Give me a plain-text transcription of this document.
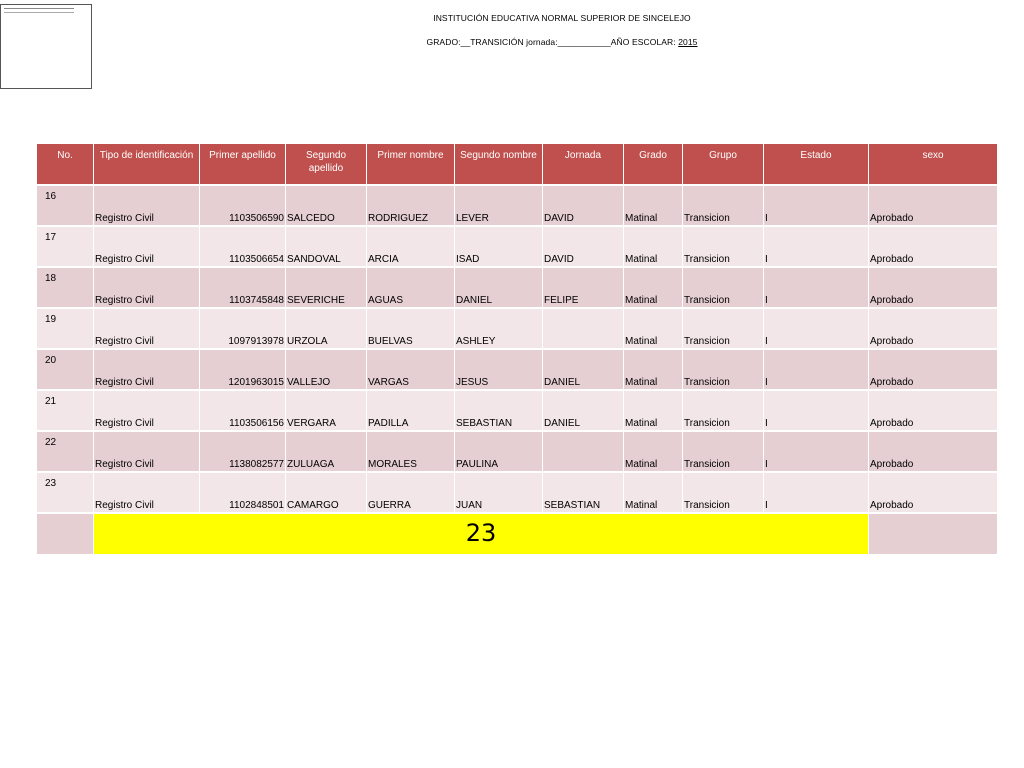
INSTITUCIÓN EDUCATIVA NORMAL SUPERIOR DE SINCELEJO
GRADO:__TRANSICIÓN jornada:___________AÑO ESCOLAR: 2015
No.	Tipo de identificación	Primer apellido	Segundo apellido	Primer nombre	Segundo nombre	Jornada	Grado	Grupo	Estado	sexo
16	Registro Civil	1103506590	SALCEDO	RODRIGUEZ	LEVER	DAVID	Matinal	Transicion	I	Aprobado
17	Registro Civil	1103506654	SANDOVAL	ARCIA	ISAD	DAVID	Matinal	Transicion	I	Aprobado
18	Registro Civil	1103745848	SEVERICHE	AGUAS	DANIEL	FELIPE	Matinal	Transicion	I	Aprobado
19	Registro Civil	1097913978	URZOLA	BUELVAS	ASHLEY		Matinal	Transicion	I	Aprobado
20	Registro Civil	1201963015	VALLEJO	VARGAS	JESUS	DANIEL	Matinal	Transicion	I	Aprobado
21	Registro Civil	1103506156	VERGARA	PADILLA	SEBASTIAN	DANIEL	Matinal	Transicion	I	Aprobado
22	Registro Civil	1138082577	ZULUAGA	MORALES	PAULINA		Matinal	Transicion	I	Aprobado
23	Registro Civil	1102848501	CAMARGO	GUERRA	JUAN	SEBASTIAN	Matinal	Transicion	I	Aprobado
	23									
